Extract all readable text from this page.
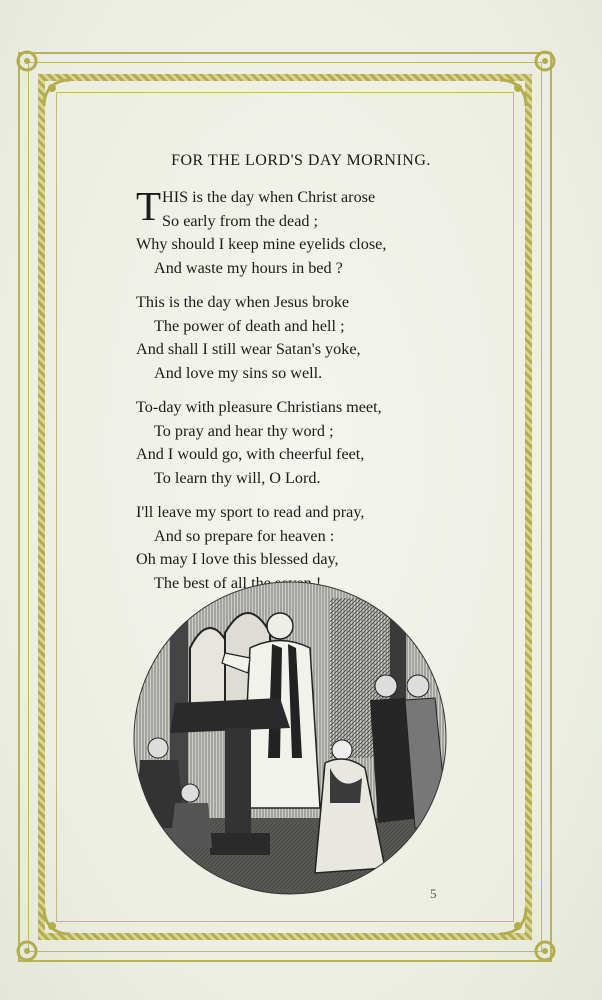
FOR THE LORD'S DAY MORNING.
THIS is the day when Christ arose
So early from the dead ;
Why should I keep mine eyelids close,
And waste my hours in bed ?
This is the day when Jesus broke
The power of death and hell ;
And shall I still wear Satan's yoke,
And love my sins so well.
To-day with pleasure Christians meet,
To pray and hear thy word ;
And I would go, with cheerful feet,
To learn thy will, O Lord.
I'll leave my sport to read and pray,
And so prepare for heaven :
Oh may I love this blessed day,
The best of all the seven !
5
